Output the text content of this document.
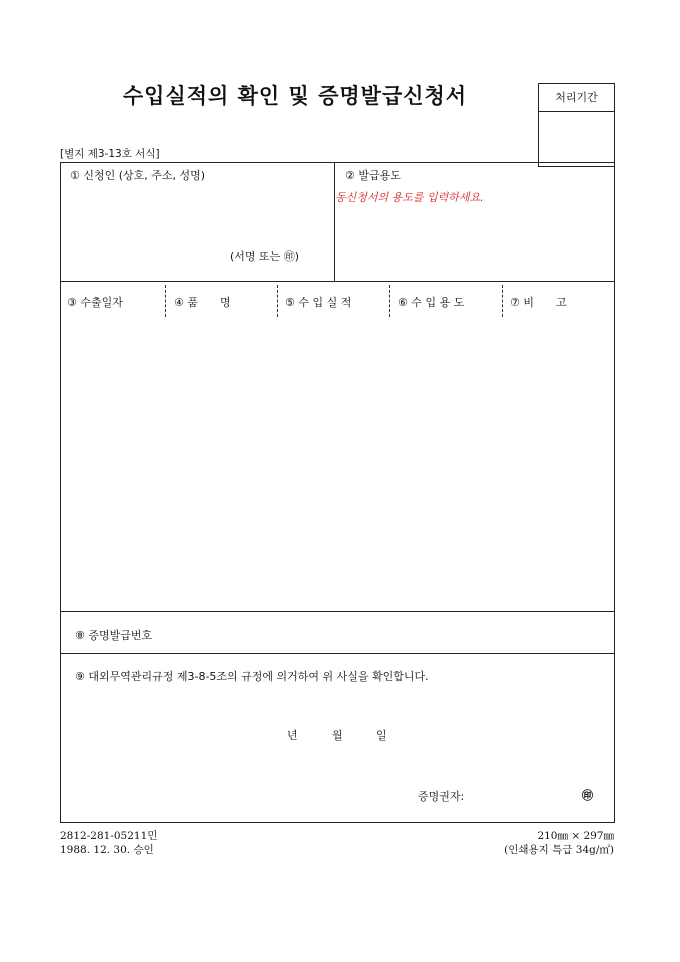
수입실적의 확인 및 증명발급신청서	처리기간
[별지 제3-13호 서식]
① 신청인 (상호, 주소, 성명)
(서명 또는 ㊞)
② 발급용도
동신청서의 용도를 입력하세요.
③ 수출일자	④ 품　　명	⑤ 수 입 실 적	⑥ 수 입 용 도	⑦ 비　　고
⑧ 증명발급번호
⑨ 대외무역관리규정 제3-8-5조의 규정에 의거하여 위 사실을 확인합니다.
년	월	일
증명권자:	㊞
2812-281-05211민
1988. 12. 30. 승인
210㎜ × 297㎜
(인쇄용지 특급 34g/㎡)
